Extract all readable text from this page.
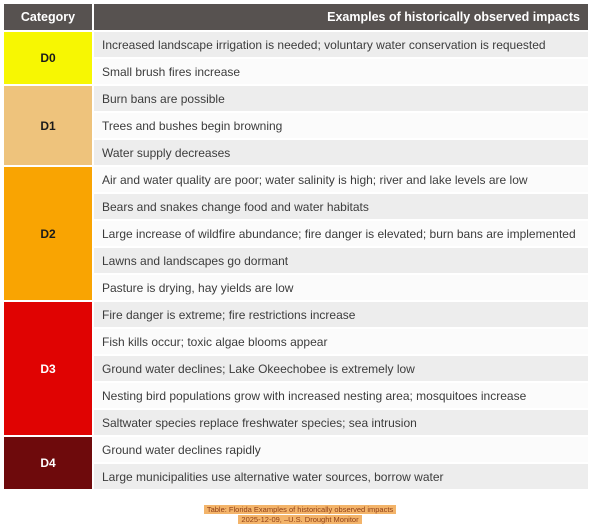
Category	Examples of historically observed impacts
D0	Increased landscape irrigation is needed; voluntary water conservation is requested
	Small brush fires increase
D1	Burn bans are possible
	Trees and bushes begin browning
	Water supply decreases
D2	Air and water quality are poor; water salinity is high; river and lake levels are low
	Bears and snakes change food and water habitats
	Large increase of wildfire abundance; fire danger is elevated; burn bans are implemented
	Lawns and landscapes go dormant
	Pasture is drying, hay yields are low
D3	Fire danger is extreme; fire restrictions increase
	Fish kills occur; toxic algae blooms appear
	Ground water declines; Lake Okeechobee is extremely low
	Nesting bird populations grow with increased nesting area; mosquitoes increase
	Saltwater species replace freshwater species; sea intrusion
D4	Ground water declines rapidly
	Large municipalities use alternative water sources, borrow water
Table: Florida Examples of historically observed impacts
2025-12-09, –U.S. Drought Monitor
